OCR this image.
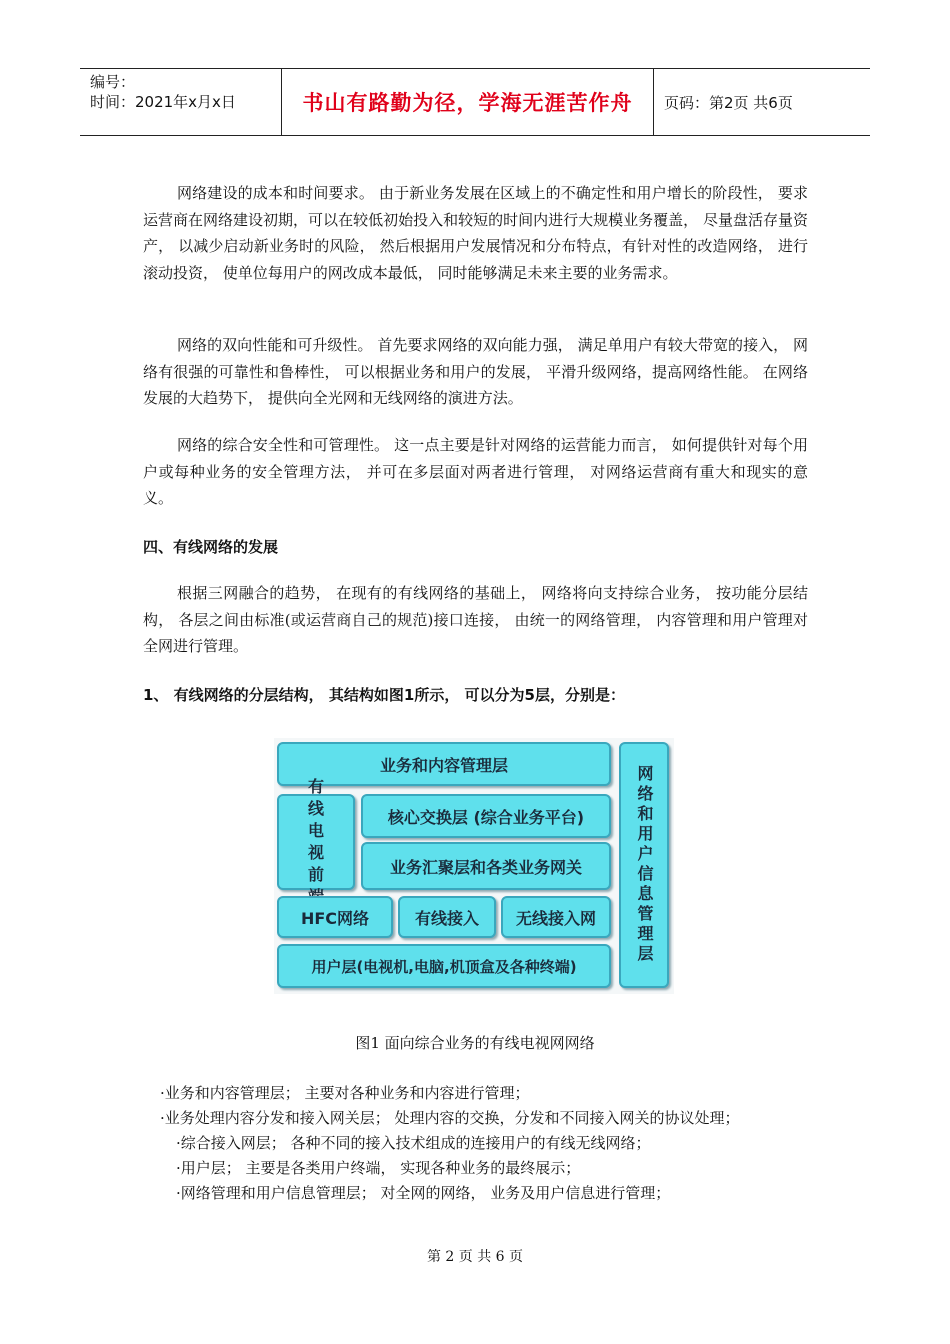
编号：
时间：2021年x月x日	书山有路勤为径，学海无涯苦作舟	页码：第2页 共6页

网络建设的成本和时间要求。 由于新业务发展在区域上的不确定性和用户增长的阶段性， 要求运营商在网络建设初期，可以在较低初始投入和较短的时间内进行大规模业务覆盖， 尽量盘活存量资产， 以减少启动新业务时的风险， 然后根据用户发展情况和分布特点，有针对性的改造网络， 进行滚动投资， 使单位每用户的网改成本最低， 同时能够满足未来主要的业务需求。

网络的双向性能和可升级性。 首先要求网络的双向能力强， 满足单用户有较大带宽的接入， 网络有很强的可靠性和鲁棒性， 可以根据业务和用户的发展， 平滑升级网络，提高网络性能。 在网络发展的大趋势下， 提供向全光网和无线网络的演进方法。

网络的综合安全性和可管理性。 这一点主要是针对网络的运营能力而言， 如何提供针对每个用户或每种业务的安全管理方法， 并可在多层面对两者进行管理， 对网络运营商有重大和现实的意义。

四、有线网络的发展

根据三网融合的趋势， 在现有的有线网络的基础上， 网络将向支持综合业务， 按功能分层结构， 各层之间由标准(或运营商自己的规范)接口连接， 由统一的网络管理， 内容管理和用户管理对全网进行管理。

1、 有线网络的分层结构， 其结构如图1所示， 可以分为5层，分别是：
业务和内容管理层
有线电视前
核心交换层 (综合业务平台)
业务汇聚层和各类业务网关
HFC网络	有线接入	无线接入网
用户层(电视机,电脑,机顶盒及各种终端)
网络和用户信息管理层

图1 面向综合业务的有线电视网网络

·业务和内容管理层； 主要对各种业务和内容进行管理；

·业务处理内容分发和接入网关层； 处理内容的交换，分发和不同接入网关的协议处理；

·综合接入网层； 各种不同的接入技术组成的连接用户的有线无线网络；

·用户层； 主要是各类用户终端， 实现各种业务的最终展示；

·网络管理和用户信息管理层； 对全网的网络， 业务及用户信息进行管理；

第 2 页 共 6 页
